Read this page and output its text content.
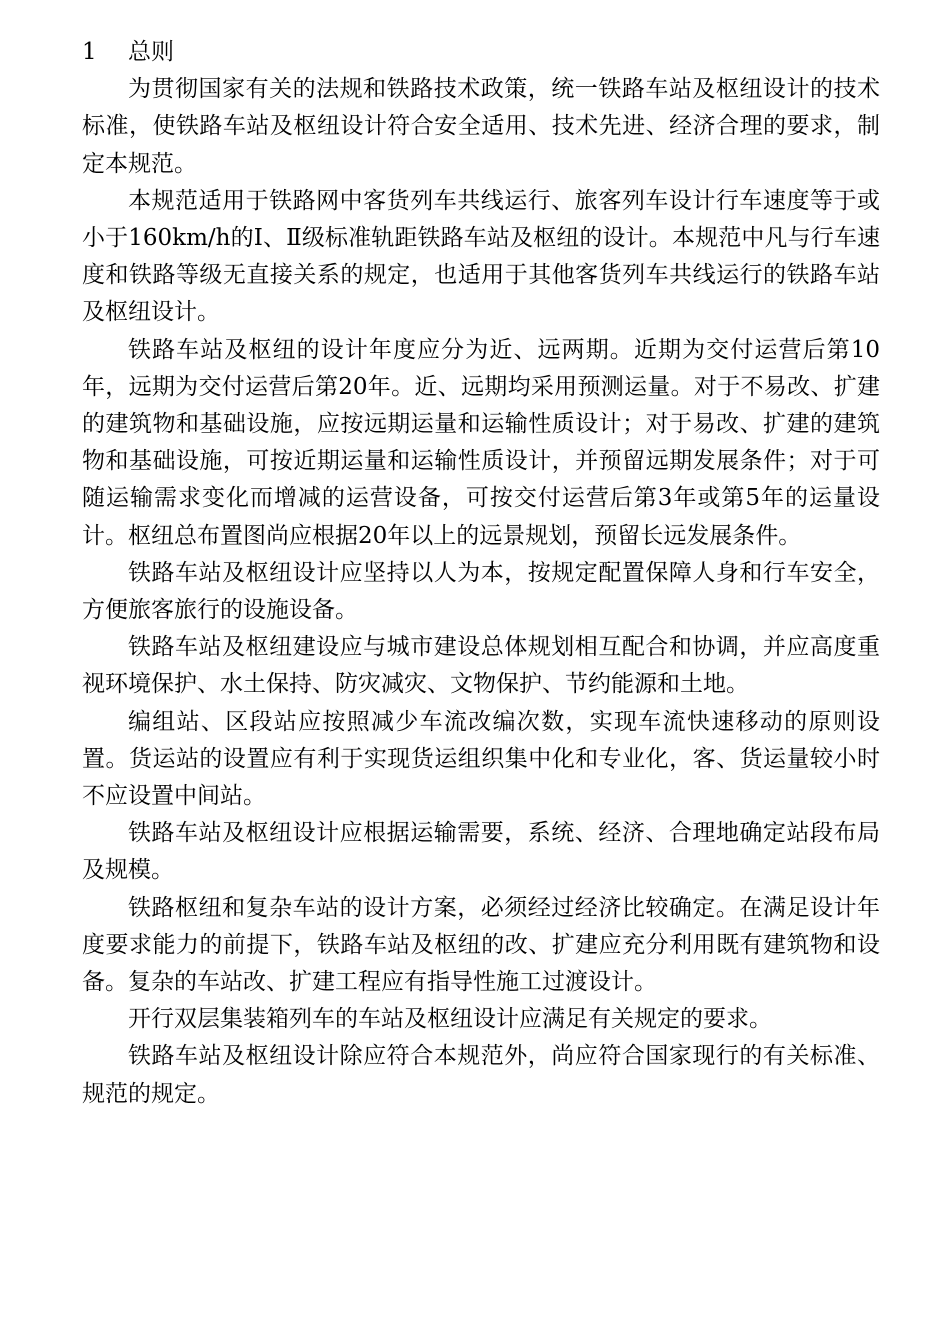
1 总则

为贯彻国家有关的法规和铁路技术政策，统一铁路车站及枢纽设计的技术标准，使铁路车站及枢纽设计符合安全适用、技术先进、经济合理的要求，制定本规范。

本规范适用于铁路网中客货列车共线运行、旅客列车设计行车速度等于或小于160km/h的Ⅰ、Ⅱ级标准轨距铁路车站及枢纽的设计。本规范中凡与行车速度和铁路等级无直接关系的规定，也适用于其他客货列车共线运行的铁路车站及枢纽设计。

铁路车站及枢纽的设计年度应分为近、远两期。近期为交付运营后第10年，远期为交付运营后第20年。近、远期均采用预测运量。对于不易改、扩建的建筑物和基础设施，应按远期运量和运输性质设计；对于易改、扩建的建筑物和基础设施，可按近期运量和运输性质设计，并预留远期发展条件；对于可随运输需求变化而增减的运营设备，可按交付运营后第3年或第5年的运量设计。枢纽总布置图尚应根据20年以上的远景规划，预留长远发展条件。

铁路车站及枢纽设计应坚持以人为本，按规定配置保障人身和行车安全，方便旅客旅行的设施设备。

铁路车站及枢纽建设应与城市建设总体规划相互配合和协调，并应高度重视环境保护、水土保持、防灾减灾、文物保护、节约能源和土地。

编组站、区段站应按照减少车流改编次数，实现车流快速移动的原则设置。货运站的设置应有利于实现货运组织集中化和专业化，客、货运量较小时不应设置中间站。

铁路车站及枢纽设计应根据运输需要，系统、经济、合理地确定站段布局及规模。

铁路枢纽和复杂车站的设计方案，必须经过经济比较确定。在满足设计年度要求能力的前提下，铁路车站及枢纽的改、扩建应充分利用既有建筑物和设备。复杂的车站改、扩建工程应有指导性施工过渡设计。

开行双层集装箱列车的车站及枢纽设计应满足有关规定的要求。

铁路车站及枢纽设计除应符合本规范外，尚应符合国家现行的有关标准、规范的规定。
